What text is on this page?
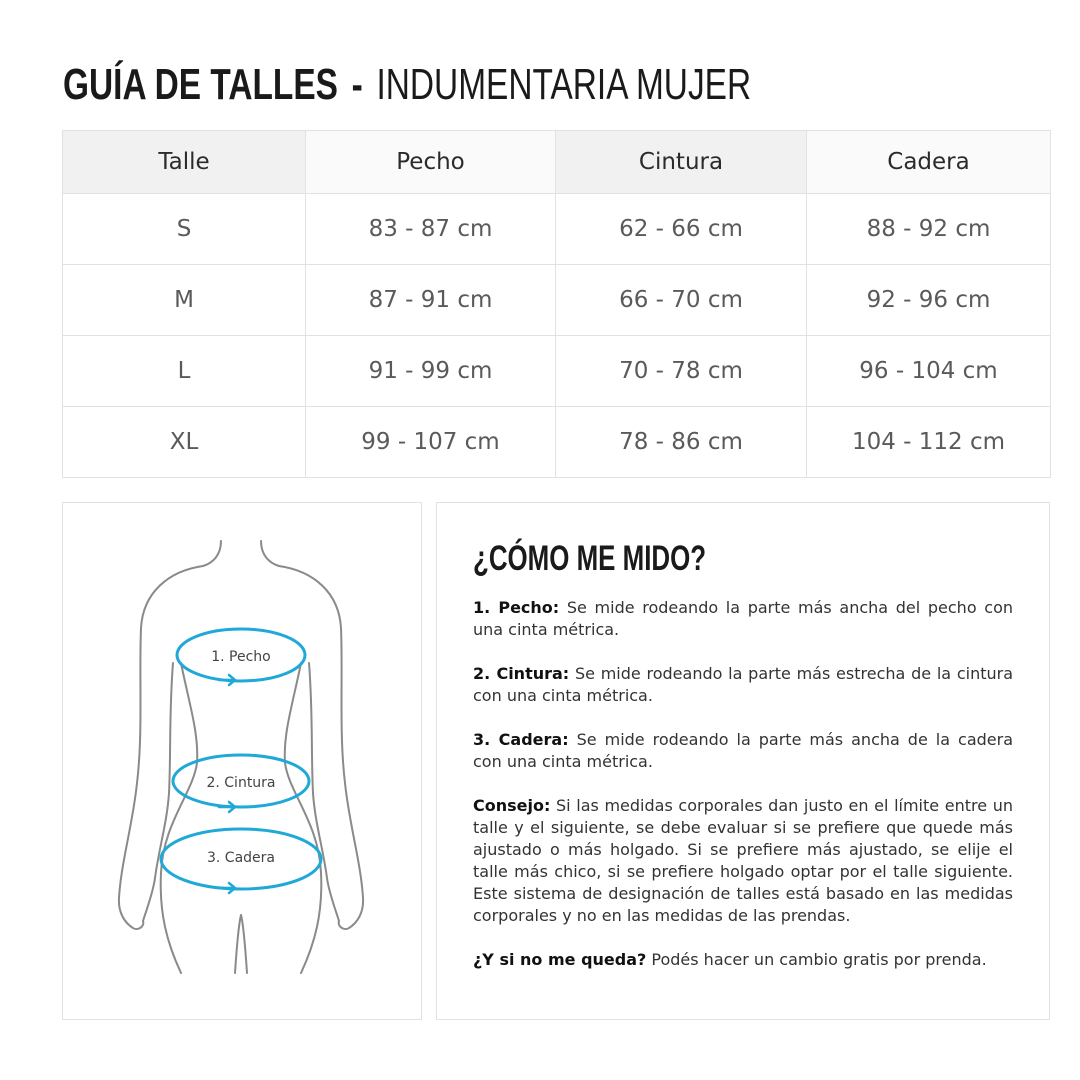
GUÍA DE TALLES - INDUMENTARIA MUJER
Talle	Pecho	Cintura	Cadera
S	83 - 87 cm	62 - 66 cm	88 - 92 cm
M	87 - 91 cm	66 - 70 cm	92 - 96 cm
L	91 - 99 cm	70 - 78 cm	96 - 104 cm
XL	99 - 107 cm	78 - 86 cm	104 - 112 cm
1. Pecho
2. Cintura
3. Cadera
¿CÓMO ME MIDO?

1. Pecho: Se mide rodeando la parte más ancha del pecho con una cinta métrica.

2. Cintura: Se mide rodeando la parte más estrecha de la cintura con una cinta métrica.

3. Cadera: Se mide rodeando la parte más ancha de la cadera con una cinta métrica.

Consejo: Si las medidas corporales dan justo en el límite entre un talle y el siguiente, se debe evaluar si se prefiere que quede más ajustado o más holgado. Si se prefiere más ajustado, se elije el talle más chico, si se prefiere holgado optar por el talle siguiente. Este sistema de designación de talles está basado en las medidas corporales y no en las medidas de las prendas.

¿Y si no me queda? Podés hacer un cambio gratis por prenda.
